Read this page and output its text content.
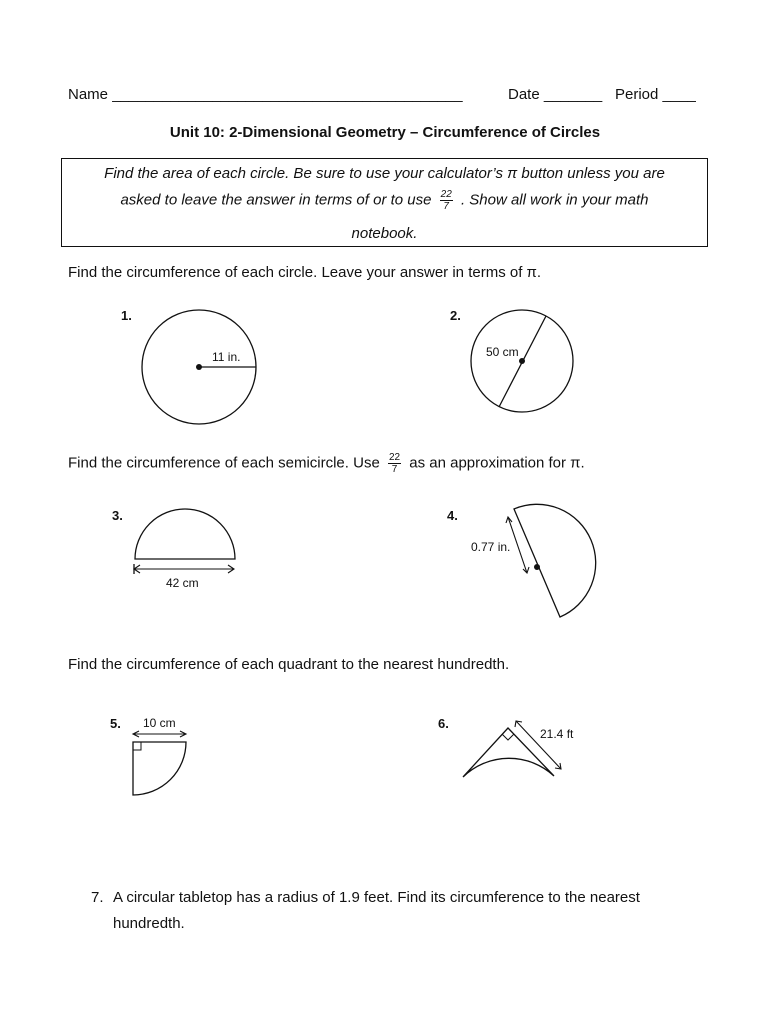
Name __________________________________________	Date _______ Period ____
Unit 10: 2-Dimensional Geometry – Circumference of Circles
Find the area of each circle. Be sure to use your calculator’s π button unless you are
asked to leave the answer in terms of or to use $\frac{22}{7}$ . Show all work in your math
notebook.
Find the circumference of each circle. Leave your answer in terms of π.
1.
11 in.
2.
50 cm
Find the circumference of each semicircle. Use $\frac{22}{7}$ as an approximation for π.
3.
42 cm
4.
0.77 in.
Find the circumference of each quadrant to the nearest hundredth.
5. 10 cm	6.
21.4 ft
7. A circular tabletop has a radius of 1.9 feet. Find its circumference to the nearest hundredth.
